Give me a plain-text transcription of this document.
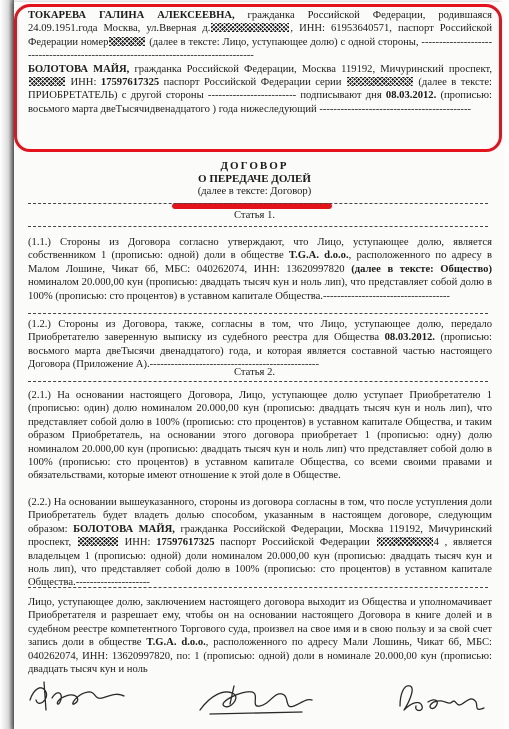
ТОКАРЕВА ГАЛИНА АЛЕКСЕЕВНА, гражданка Российской Федерации, родившаяся 24.09.1951.года Москва, ул.Вверная д.	, ИНН: 61953640571, паспорт Российской Федерации номер	(далее в тексте: Лицо, уступающее долю) с одной стороны, ------------------------------------------------------------------------------------

БОЛОТОВА МАЙЯ, гражданка Российской Федерации, Москва 119192, Мичуринский проспект,  ИНН: 17597617325 паспорт Российской Федерации серии	(далее в тексте: ПРИОБРЕТАТЕЛЬ) с другой стороны ------------------------- подписывают дня 08.03.2012. (прописью: восьмого марта двеTысячидвенадцатого ) года нижеследующий -------------------------------------------

ДОГОВОР
О ПЕРЕДАЧЕ ДОЛЕЙ
(далее в тексте: Договор)
Статья 1.

(1.1.) Стороны из Договора согласно утверждают, что Лицо, уступающее долю, является собственником 1 (прописью: одной) доли в обществе T.G.A. d.o.o., расположенного по адресу в Малом Лошине, Чикат 6б, МБС: 040262074, ИНН: 13620997820 (далее в тексте: Общество) номиналом 20.000,00 кун (прописью: двадцать тысяч кун и ноль лип), что представляет собой долю в 100% (прописью: сто процентов) в уставном капитале Общества.------------------------------------

(1.2.) Стороны из Договора, также, согласны в том, что Лицо, уступающее долю, передало Приобретателю заверенную выписку из судебного реестра для Общества 08.03.2012. (прописью: восьмого марта двеТысячи двенадцатого) года, и которая является составной частью настоящего Договора (Приложение А).------------------------------------------------

Статья 2.

(2.1.) На основании настоящего Договора, Лицо, уступающее долю уступает Приобретателю 1 (прописью: один) долю номиналом 20.000,00 кун (прописью: двадцать тысяч кун и ноль лип), что представляет собой долю в 100% (прописью: сто процентов) в уставном капитале Общества, и таким образом Приобретатель, на основании этого договора приобретает 1 (прописью: одну) долю номиналом 20.000,00 кун (прописью: двадцать тысяч кун и ноль лип) что представляет собой долю в 100% (прописью: сто процентов) в уставном капитале Общества, со всеми своими правами и обязательствами, которые имеют отношение к этой доле в Обществе.

(2.2.) На основании вышеуказанного, стороны из договора согласны в том, что после уступления доли Приобретатель будет владеть долью способом, указанным в настоящем договоре, следующим образом: БОЛОТОВА МАЙЯ, гражданка Российской Федерации, Москва 119192, Мичуринский проспект,	ИНН: 17597617325 паспорт Российской Федерации	4 , является владельцем 1 (прописью: одной) доли номиналом 20.000,00 кун (прописью: двадцать тысяч кун и ноль лип), что представляет собой долю в 100% (прописью: сто процентов) в уставном капитале Общества.---------------------

Лицо, уступающее долю, заключением настоящего договора выходит из Общества и уполномачивает Приобретателя и разрешает ему, чтобы он на основании настоящего Договора в книге долей и в судебном реестре компетентного Торгового суда, произвел на свое имя и в свою пользу и за свой счет запись доли в обществе T.G.A. d.o.o., расположенного по адресу Мали Лошинь, Чикат 6б, МБС: 040262074, ИНН: 13620997820, по: 1 (прописью: одной) доли в номинале 20.000,00 кун (прописью: двадцать тысяч кун и ноль
